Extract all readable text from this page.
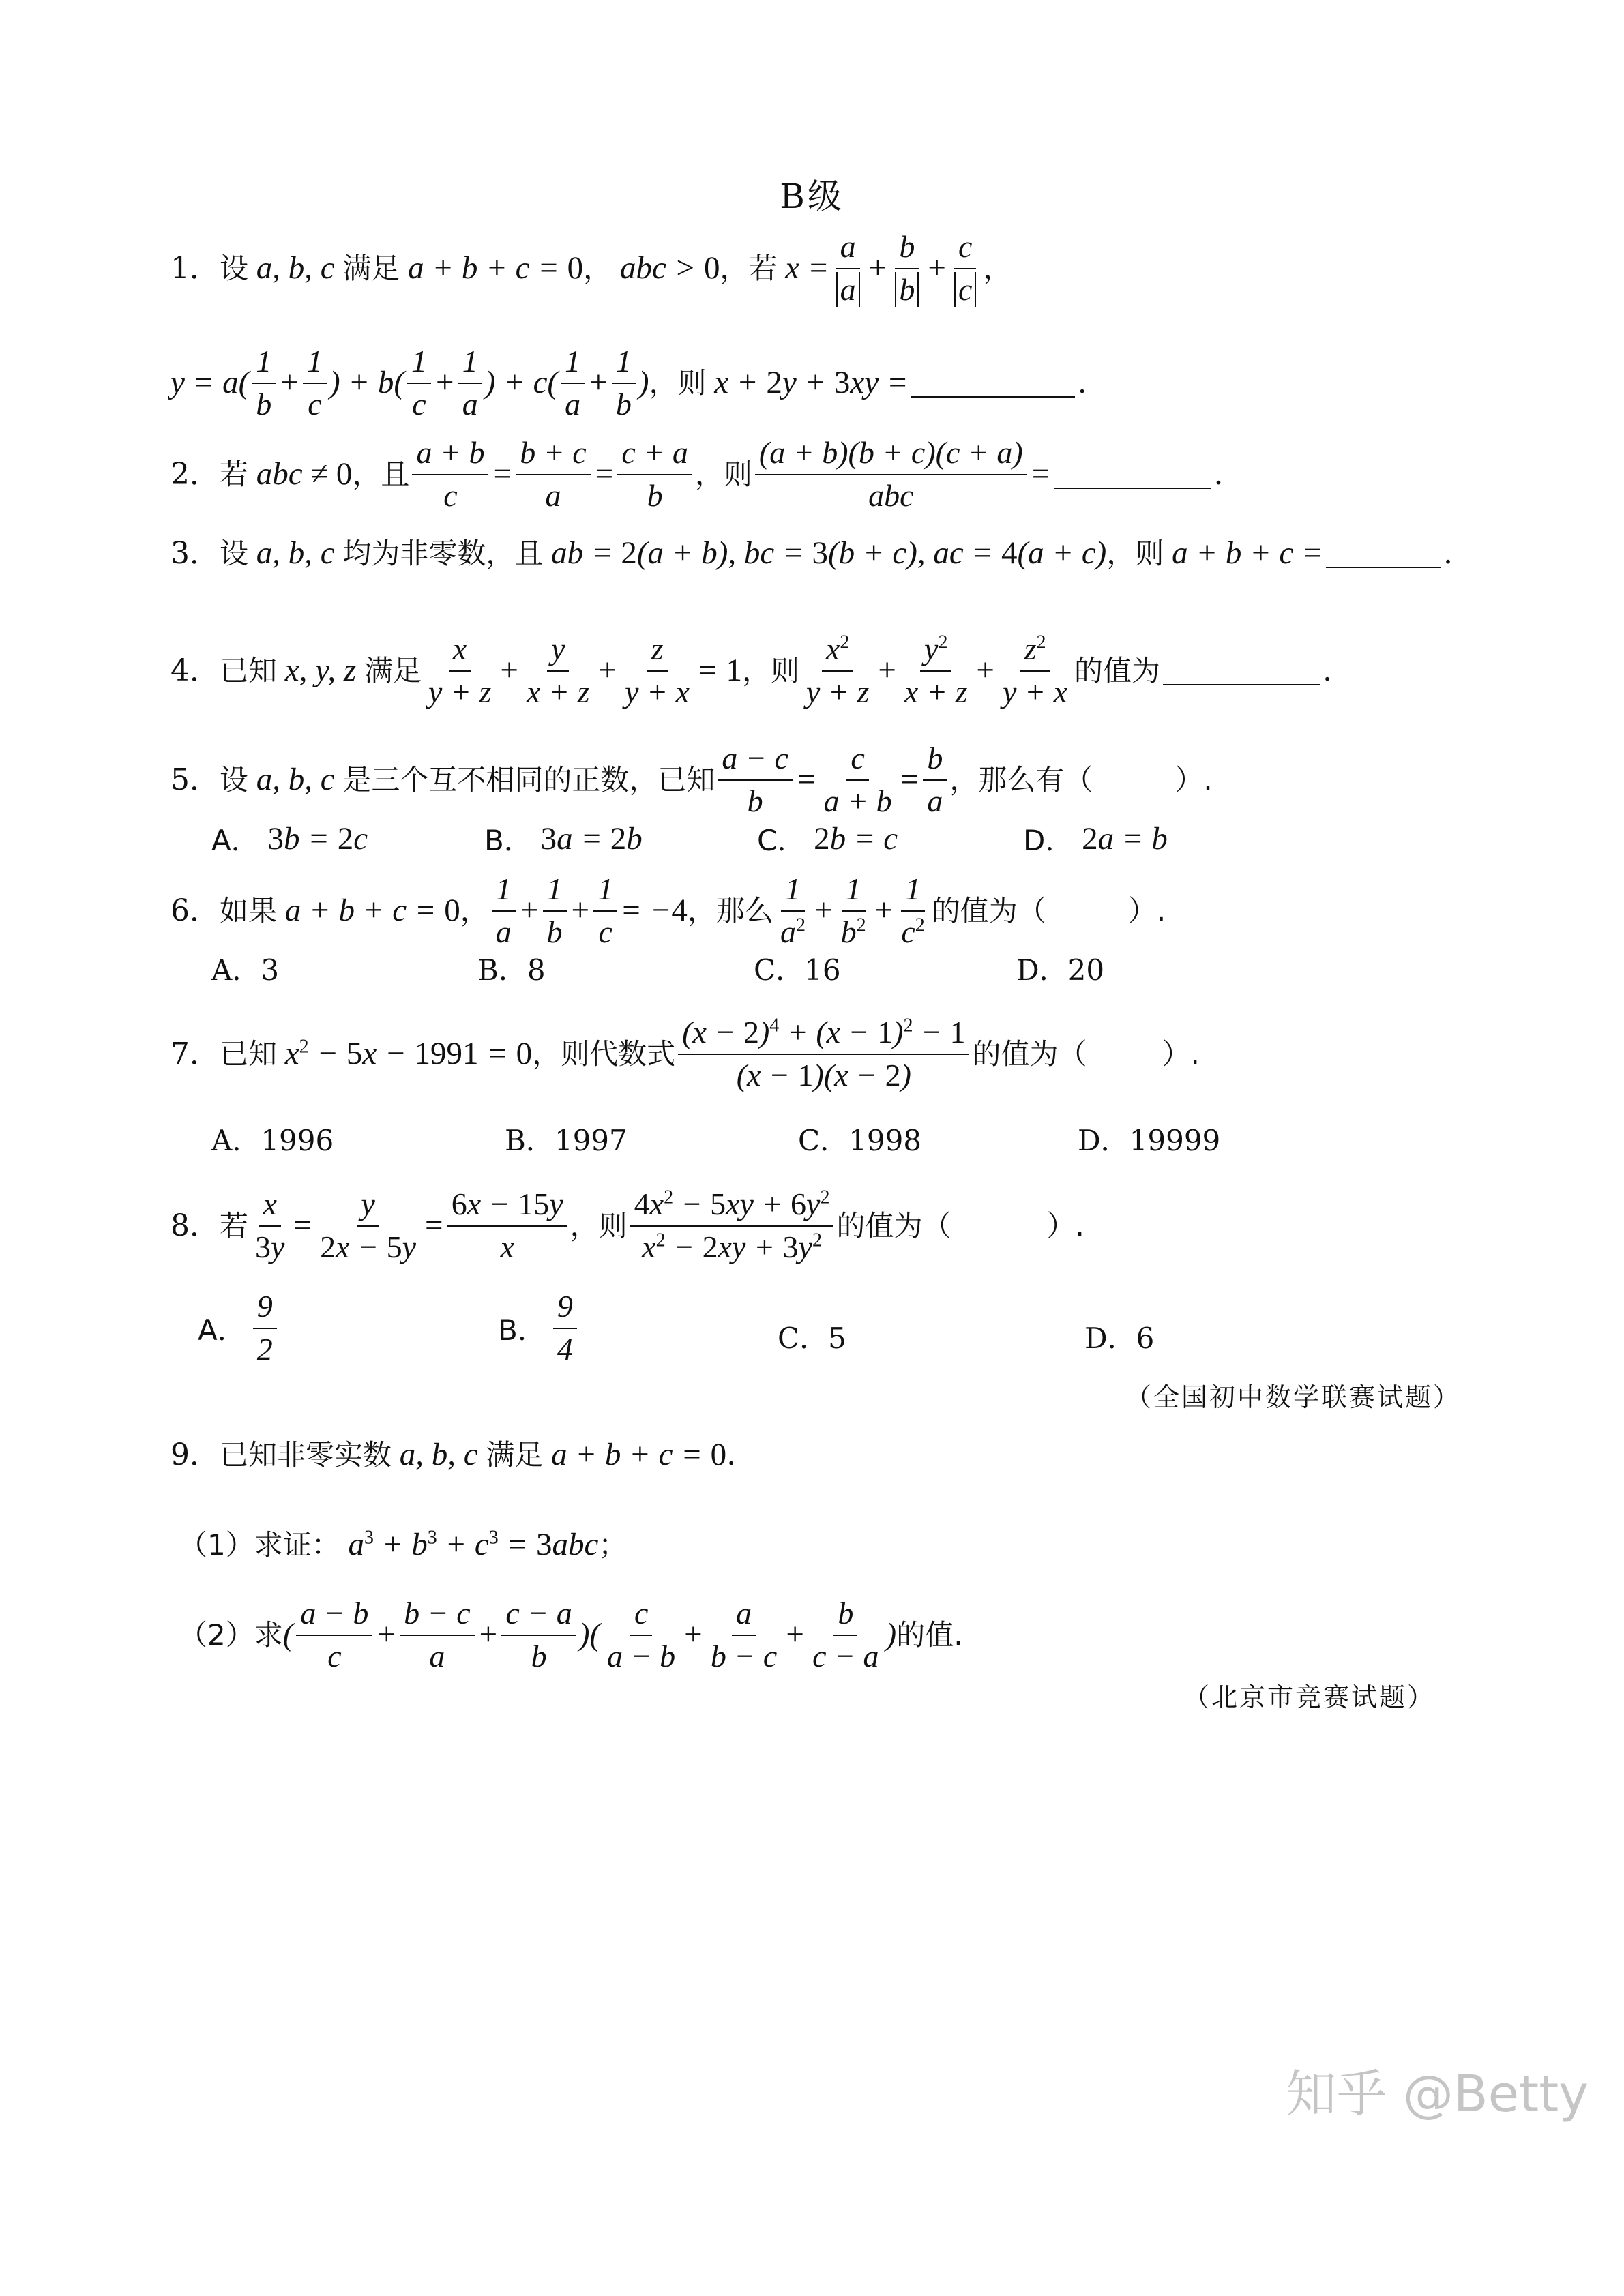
B级
1． 设 a, b, c 满足 a + b + c = 0 ， abc > 0 ，若 $x = \frac{a}{a} + \frac{b}{b} + \frac{c}{c}$ ，
$y = a( \frac{1}{b} + \frac{1}{c}$ ) + $b( \frac{1}{c} + \frac{1}{a}$ ) + $c( \frac{1}{a} + \frac{1}{b}$ ) ，则 x + 2y + 3xy =	.
2． 若 abc ≠ 0 ，且 $\frac{a + b}{c} = \frac{b + c}{a} = \frac{c + a}{b}$ ，则 $\frac{(a + b)(b + c)(c + a)}{\text{abc}}$ =	.
3． 设 a, b, c 均为非零数，且 ab = 2(a + b), bc = 3(b + c), ac = 4(a + c) ，则 a + b + c =	.
4． 已知 x, y, z 满足 $\frac{x}{y + z} + \frac{y}{x + z} + \frac{z}{y + x} = 1$ ，则 $\frac{x^2}{y + z} + \frac{y^2}{x + z} + \frac{z^2}{y + x}$ 的值为	.
5． 设 a, b, c 是三个互不相同的正数，已知 $\frac{a - c}{b} = \frac{c}{a + b} = \frac{b}{a}$ ，那么有（	）.
A． 3b = 2c	B． 3a = 2b	C． 2b = c	D． 2a = b
6． 如果 a + b + c = 0 ， $\frac{1}{a} + \frac{1}{b} + \frac{1}{c} = -4$ ，那么 $\frac{1}{a^2} + \frac{1}{b^2} + \frac{1}{c^2}$ 的值为（	）.
A．3	B．8	C．16	D．20
7． 已知 $x^2 - 5x - 1991 = 0$ ，则代数式 $\frac{(x - 2)^4 + (x - 1)^2 - 1}{(x - 1)(x - 2)}$ 的值为（	）.
A．1996	B．1997	C．1998	D．19999
8． 若 $\frac{x}{3y} = \frac{y}{2x - 5y} = \frac{6x - 15y}{x}$ ，则 $\frac{4x^2 - 5xy + 6y^2}{x^2 - 2xy + 3y^2}$ 的值为（	）.
A． $\frac{9}{2}$	B． $\frac{9}{4}$	C．5	D．6
（全国初中数学联赛试题）
9． 已知非零实数 a, b, c 满足 a + b + c = 0 .
（1）求证： $a^3 + b^3 + c^3 = 3abc$ ；
（2）求 ( $\frac{a - b}{c} + \frac{b - c}{a} + \frac{c - a}{b}$ )( $\frac{c}{a - b} + \frac{a}{b - c} + \frac{b}{c - a}$ ) 的值.
（北京市竞赛试题）
知乎 @Betty
